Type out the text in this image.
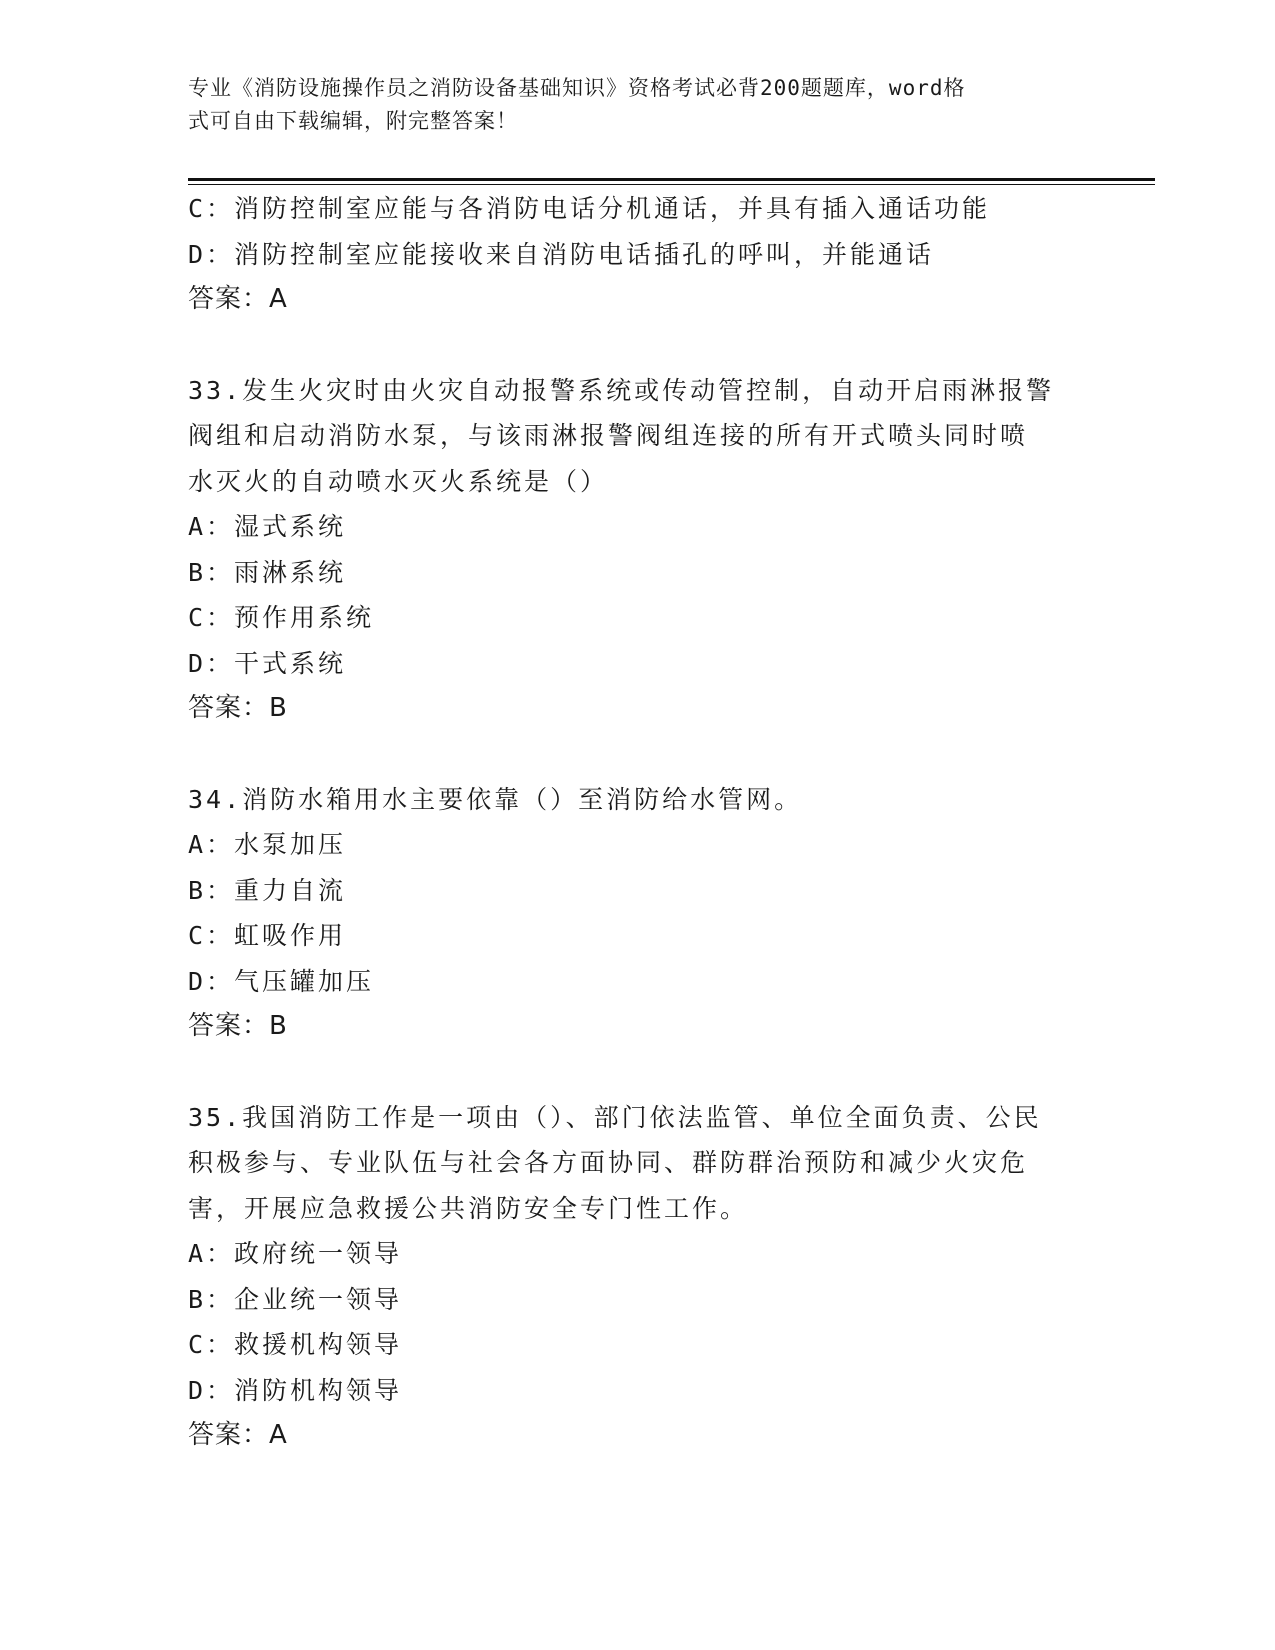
专业《消防设施操作员之消防设备基础知识》资格考试必背200题题库，word格
式可自由下载编辑，附完整答案！
C：消防控制室应能与各消防电话分机通话，并具有插入通话功能
D：消防控制室应能接收来自消防电话插孔的呼叫，并能通话
答案：A
33.发生火灾时由火灾自动报警系统或传动管控制，自动开启雨淋报警
阀组和启动消防水泵，与该雨淋报警阀组连接的所有开式喷头同时喷
水灭火的自动喷水灭火系统是（）
A：湿式系统
B：雨淋系统
C：预作用系统
D：干式系统
答案：B
34.消防水箱用水主要依靠（）至消防给水管网。
A：水泵加压
B：重力自流
C：虹吸作用
D：气压罐加压
答案：B
35.我国消防工作是一项由（）、部门依法监管、单位全面负责、公民
积极参与、专业队伍与社会各方面协同、群防群治预防和减少火灾危
害，开展应急救援公共消防安全专门性工作。
A：政府统一领导
B：企业统一领导
C：救援机构领导
D：消防机构领导
答案：A
